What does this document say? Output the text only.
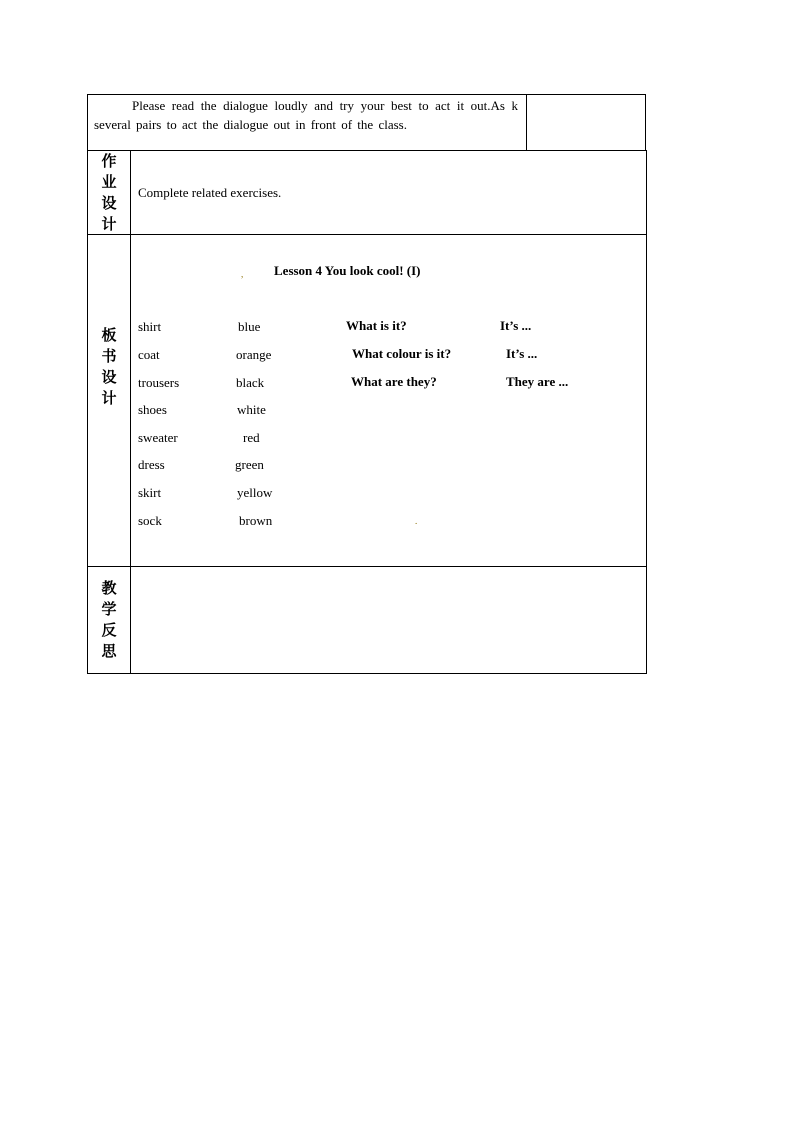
Please read the dialogue loudly and try your best to act it out.As k several pairs to act the dialogue out in front of the class.
作
业
设
计
Complete related exercises.
板
书
设
计
, Lesson 4 You look cool! (I)
shirt
coat
trousers
shoes
sweater
dress
skirt
sock
blue
orange
black
white
red
green
yellow
brown
What is it?
What colour is it?
What are they?
It’s ...
It’s ...
They are ...
.
教
学
反
思
